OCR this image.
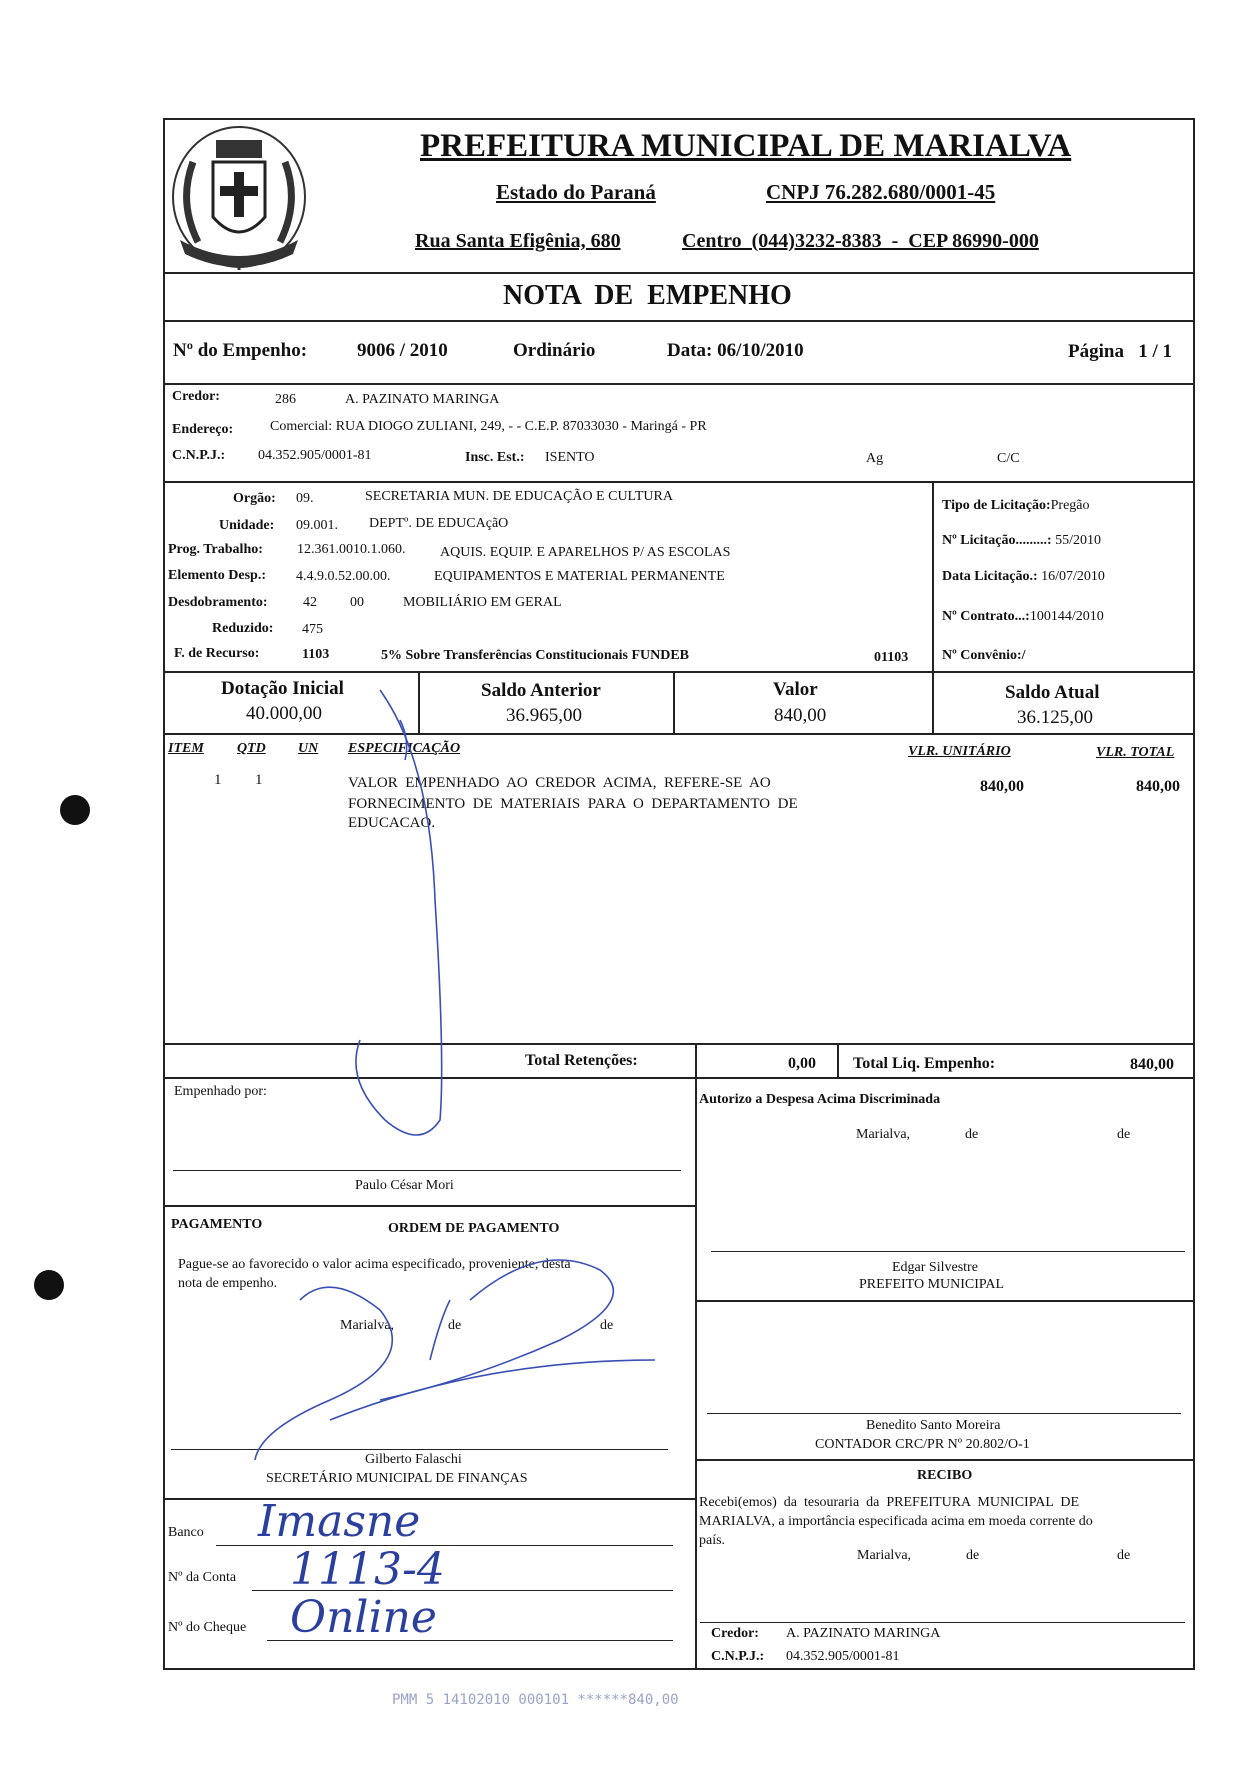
PREFEITURA MUNICIPAL DE MARIALVA
Estado do Paraná	CNPJ 76.282.680/0001-45
Rua Santa Efigênia, 680	Centro  (044)3232-8383  -  CEP 86990-000
NOTA  DE  EMPENHO
Nº do Empenho:	9006 / 2010	Ordinário	Data: 06/10/2010	Página   1 / 1
Credor:	286	A. PAZINATO MARINGA
Endereço:	Comercial: RUA DIOGO ZULIANI, 249, - - C.E.P. 87033030 - Maringá - PR
C.N.P.J.: 04.352.905/0001-81	Insc. Est.: ISENTO	Ag	C/C
Orgão: 09.	SECRETARIA MUN. DE EDUCAÇÃO E CULTURA
Unidade: 09.001. DEPTº. DE EDUCAçãO
Prog. Trabalho: 12.361.0010.1.060. AQUIS. EQUIP. E APARELHOS P/ AS ESCOLAS
Elemento Desp.: 4.4.9.0.52.00.00.	EQUIPAMENTOS E MATERIAL PERMANENTE
Desdobramento:	42 00	MOBILIÁRIO EM GERAL
Reduzido: 475
F. de Recurso:	1103	5% Sobre Transferências Constitucionais FUNDEB	01103
Tipo de Licitação:Pregão
Nº Licitação.........: 55/2010
Data Licitação.: 16/07/2010
Nº Contrato...:100144/2010
Nº Convênio:/
Dotação Inicial
40.000,00
Saldo Anterior
36.965,00
Valor
840,00
Saldo Atual
36.125,00
ITEM QTD UN ESPECIFICAÇÃO	VLR. UNITÁRIO	VLR. TOTAL
1 1	VALOR  EMPENHADO  AO  CREDOR  ACIMA,  REFERE-SE  AO
FORNECIMENTO  DE  MATERIAIS  PARA  O  DEPARTAMENTO  DE
EDUCACAO.
840,00	840,00
Total Retenções:	0,00 Total Liq. Empenho:	840,00
Empenhado por:
Paulo César Mori
PAGAMENTO	ORDEM DE PAGAMENTO
Pague-se ao favorecido o valor acima especificado, proveniente, desta
nota de empenho.
Marialva,	de	de
Gilberto Falaschi
SECRETÁRIO MUNICIPAL DE FINANÇAS
Banco Imasne
Nº da Conta 1113-4
Nº do Cheque Online
Autorizo a Despesa Acima Discriminada
Marialva,	de	de
Edgar Silvestre
PREFEITO MUNICIPAL
Benedito Santo Moreira
CONTADOR CRC/PR Nº 20.802/O-1
RECIBO
Recebi(emos)  da  tesouraria  da  PREFEITURA  MUNICIPAL  DE
MARIALVA, a importância especificada acima em moeda corrente do
país.
Marialva,	de	de
Credor: A. PAZINATO MARINGA
C.N.P.J.: 04.352.905/0001-81
PMM 5 14102010 000101 ******840,00
